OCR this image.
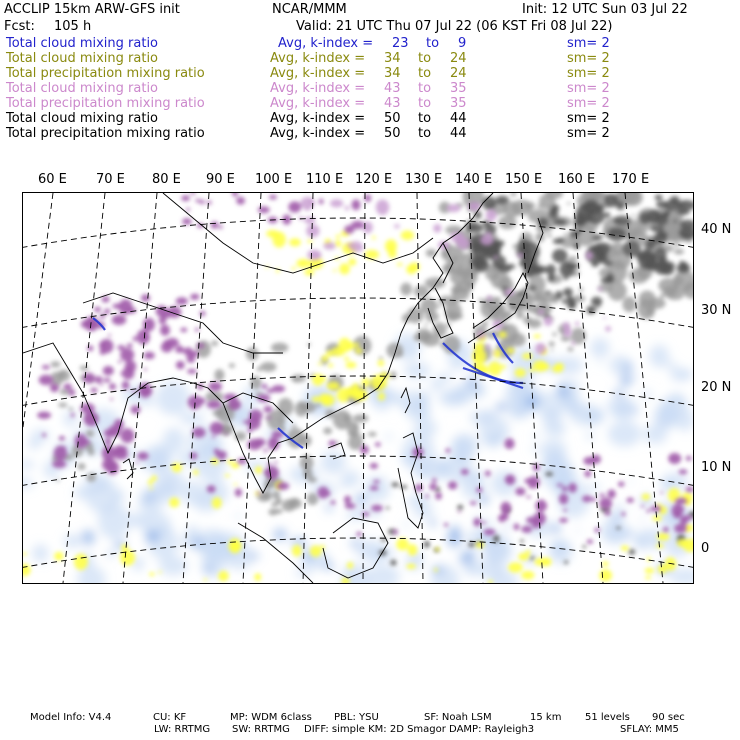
ACCLIP 15km ARW-GFS init	NCAR/MMM	Init: 12 UTC Sun 03 Jul 22
Fcst: 105 h	Valid: 21 UTC Thu 07 Jul 22 (06 KST Fri 08 Jul 22)
Total cloud mixing ratio	Avg, k-index = 23 to 9	sm= 2
Total cloud mixing ratio	Avg, k-index = 34 to 24	sm= 2
Total precipitation mixing ratio	Avg, k-index = 34 to 24	sm= 2
Total cloud mixing ratio	Avg, k-index = 43 to 35	sm= 2
Total precipitation mixing ratio	Avg, k-index = 43 to 35	sm= 2
Total cloud mixing ratio	Avg, k-index = 50 to 44	sm= 2
Total precipitation mixing ratio	Avg, k-index = 50 to 44	sm= 2
60 E 70 E 80 E 90 E 100 E 110 E 120 E 130 E 140 E 150 E 160 E 170 E
40 N
30 N
20 N
10 N
0
Model Info: V4.4	CU: KF	MP: WDM 6class PBL: YSU	SF: Noah LSM	15 km 51 levels 90 sec
LW: RRTMG SW: RRTMG DIFF: simple KM: 2D Smagor DAMP: Rayleigh3	SFLAY: MM5
